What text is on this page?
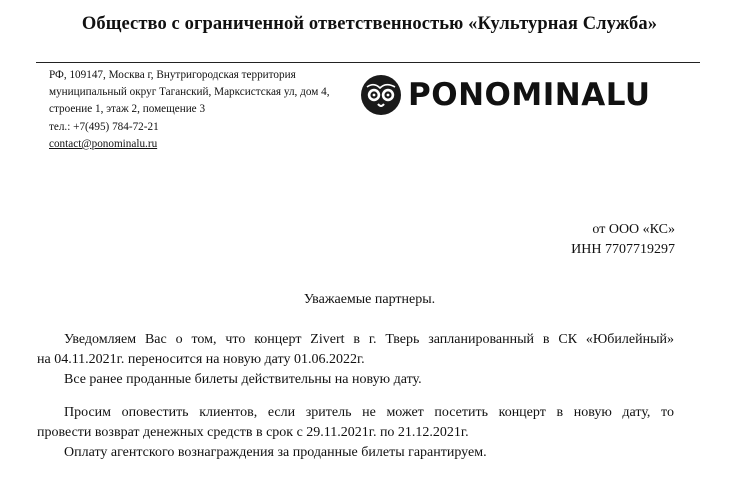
Общество с ограниченной ответственностью «Культурная Служба»
РФ, 109147, Москва г, Внутригородская территория
муниципальный округ Таганский, Марксистская ул, дом 4,
строение 1, этаж 2, помещение 3
тел.: +7(495) 784-72-21
contact@ponominalu.ru
PONOMINALU
от ООО «КС»
ИНН 7707719297
Уважаемые партнеры.

Уведомляем Вас о том, что концерт Zivert в г. Тверь запланированный в СК «Юбилейный»

на 04.11.2021г. переносится на новую дату 01.06.2022г.

Все ранее проданные билеты действительны на новую дату.

Просим оповестить клиентов, если зритель не может посетить концерт в новую дату, то

провести возврат денежных средств в срок с 29.11.2021г. по 21.12.2021г.

Оплату агентского вознаграждения за проданные билеты гарантируем.
